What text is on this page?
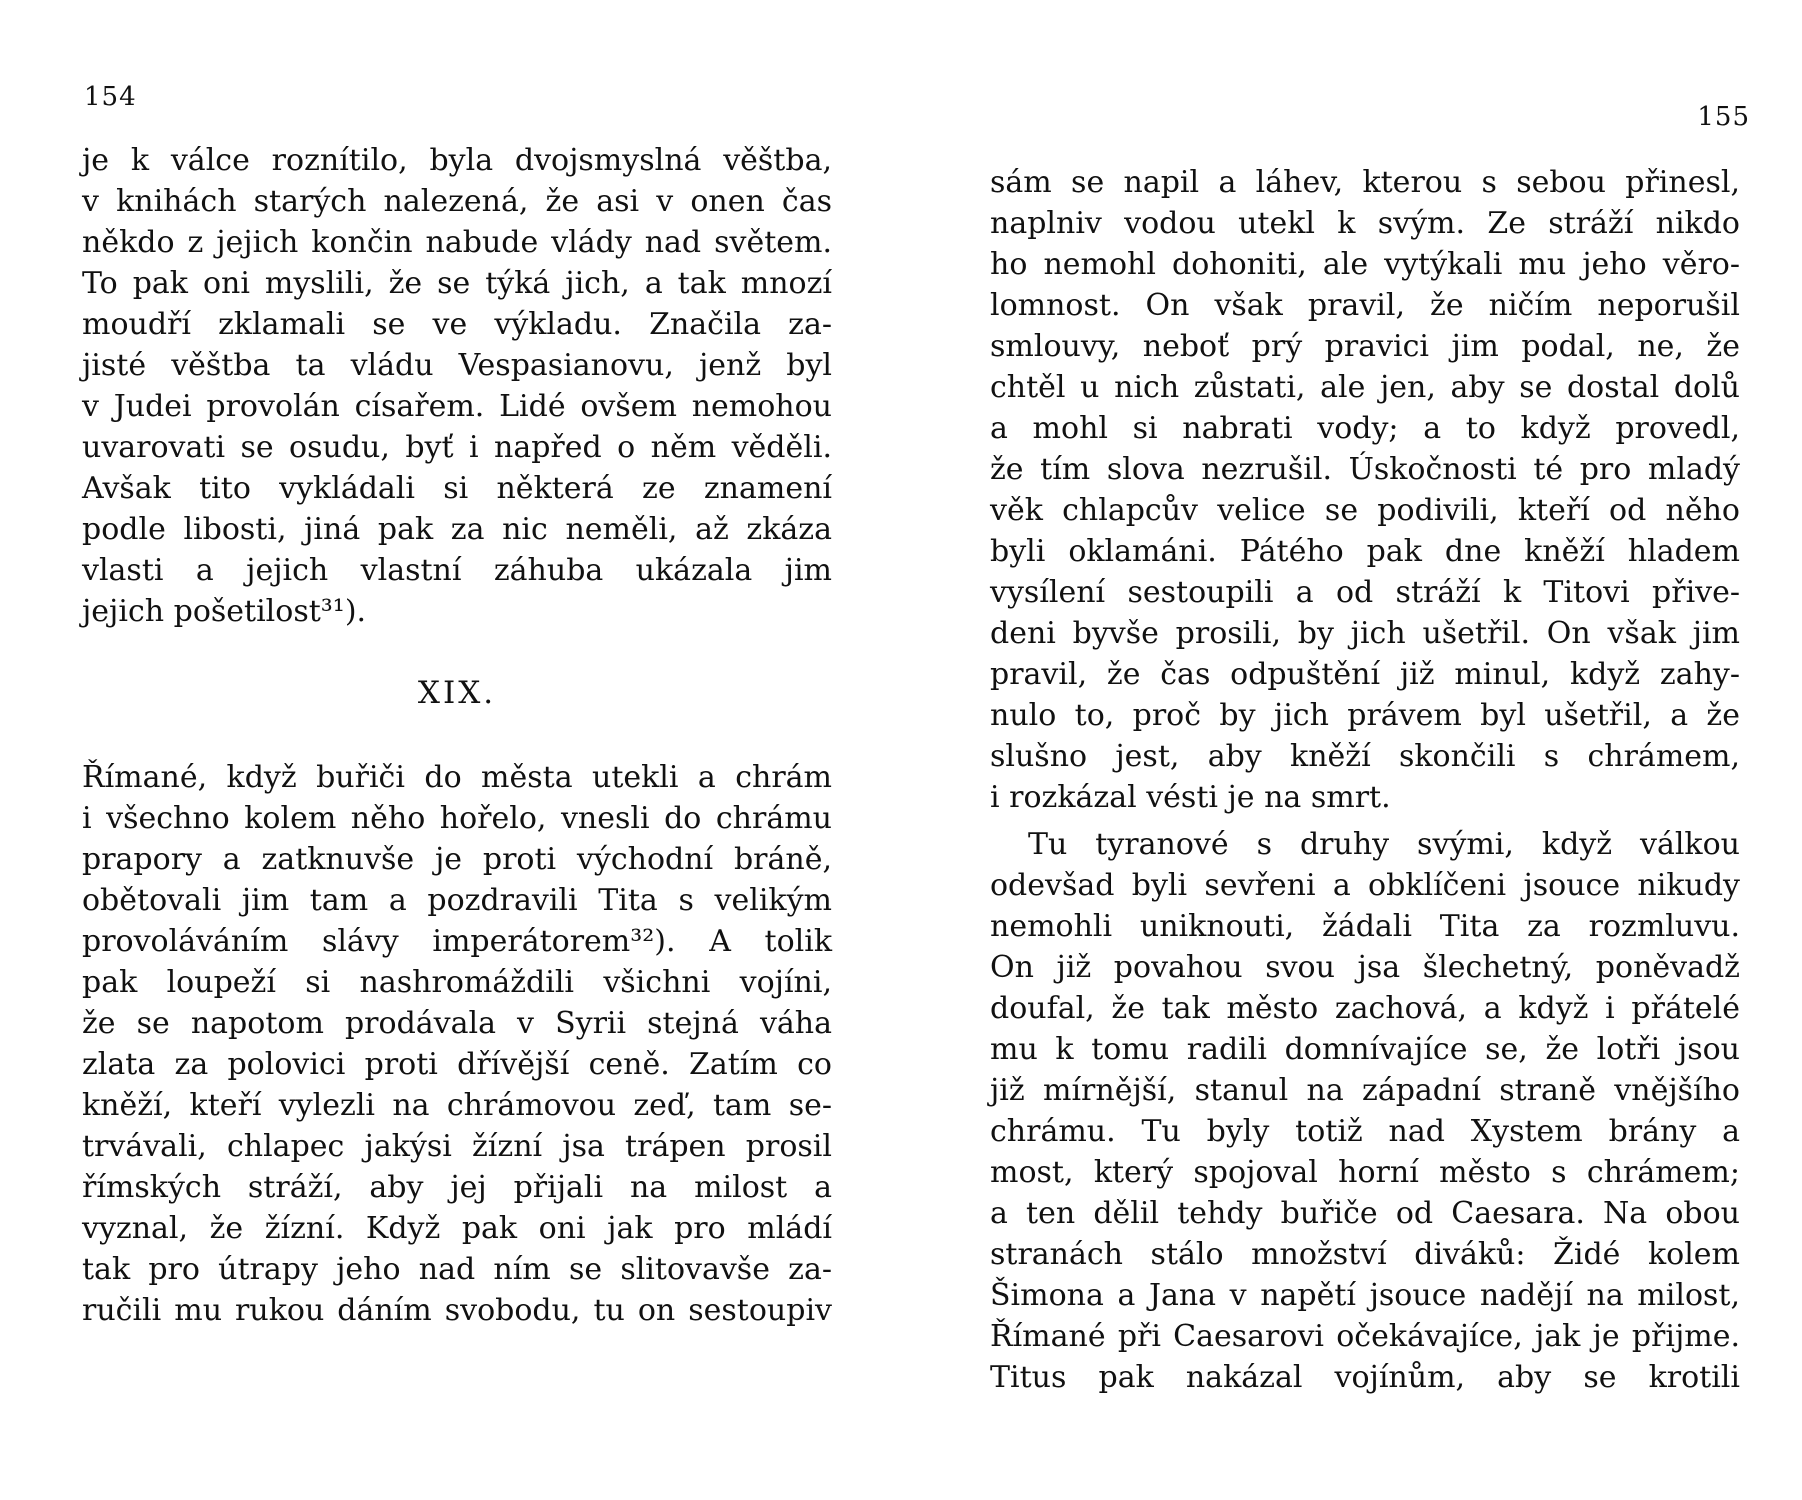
154
je k válce roznítilo, byla dvojsmyslná věštba,
v knihách starých nalezená, že asi v onen čas
někdo z jejich končin nabude vlády nad světem.
To pak oni myslili, že se týká jich, a tak mnozí
moudří zklamali se ve výkladu. Značila za-
jisté věštba ta vládu Vespasianovu, jenž byl
v Judei provolán císařem. Lidé ovšem nemohou
uvarovati se osudu, byť i napřed o něm věděli.
Avšak tito vykládali si některá ze znamení
podle libosti, jiná pak za nic neměli, až zkáza
vlasti a jejich vlastní záhuba ukázala jim
jejich pošetilost³¹).
XIX.
Římané, když buřiči do města utekli a chrám
i všechno kolem něho hořelo, vnesli do chrámu
prapory a zatknuvše je proti východní bráně,
obětovali jim tam a pozdravili Tita s velikým
provoláváním slávy imperátorem³²). A tolik
pak loupeží si nashromáždili všichni vojíni,
že se napotom prodávala v Syrii stejná váha
zlata za polovici proti dřívější ceně. Zatím co
kněží, kteří vylezli na chrámovou zeď, tam se-
trvávali, chlapec jakýsi žízní jsa trápen prosil
římských stráží, aby jej přijali na milost a
vyznal, že žízní. Když pak oni jak pro mládí
tak pro útrapy jeho nad ním se slitovavše za-
ručili mu rukou dáním svobodu, tu on sestoupiv
155
sám se napil a láhev, kterou s sebou přinesl,
naplniv vodou utekl k svým. Ze stráží nikdo
ho nemohl dohoniti, ale vytýkali mu jeho věro-
lomnost. On však pravil, že ničím neporušil
smlouvy, neboť prý pravici jim podal, ne, že
chtěl u nich zůstati, ale jen, aby se dostal dolů
a mohl si nabrati vody; a to když provedl,
že tím slova nezrušil. Úskočnosti té pro mladý
věk chlapcův velice se podivili, kteří od něho
byli oklamáni. Pátého pak dne kněží hladem
vysílení sestoupili a od stráží k Titovi přive-
deni byvše prosili, by jich ušetřil. On však jim
pravil, že čas odpuštění již minul, když zahy-
nulo to, proč by jich právem byl ušetřil, a že
slušno jest, aby kněží skončili s chrámem,
i rozkázal vésti je na smrt.
Tu tyranové s druhy svými, když válkou
odevšad byli sevřeni a obklíčeni jsouce nikudy
nemohli uniknouti, žádali Tita za rozmluvu.
On již povahou svou jsa šlechetný, poněvadž
doufal, že tak město zachová, a když i přátelé
mu k tomu radili domnívajíce se, že lotři jsou
již mírnější, stanul na západní straně vnějšího
chrámu. Tu byly totiž nad Xystem brány a
most, který spojoval horní město s chrámem;
a ten dělil tehdy buřiče od Caesara. Na obou
stranách stálo množství diváků: Židé kolem
Šimona a Jana v napětí jsouce nadějí na milost,
Římané při Caesarovi očekávajíce, jak je přijme.
Titus pak nakázal vojínům, aby se krotili
